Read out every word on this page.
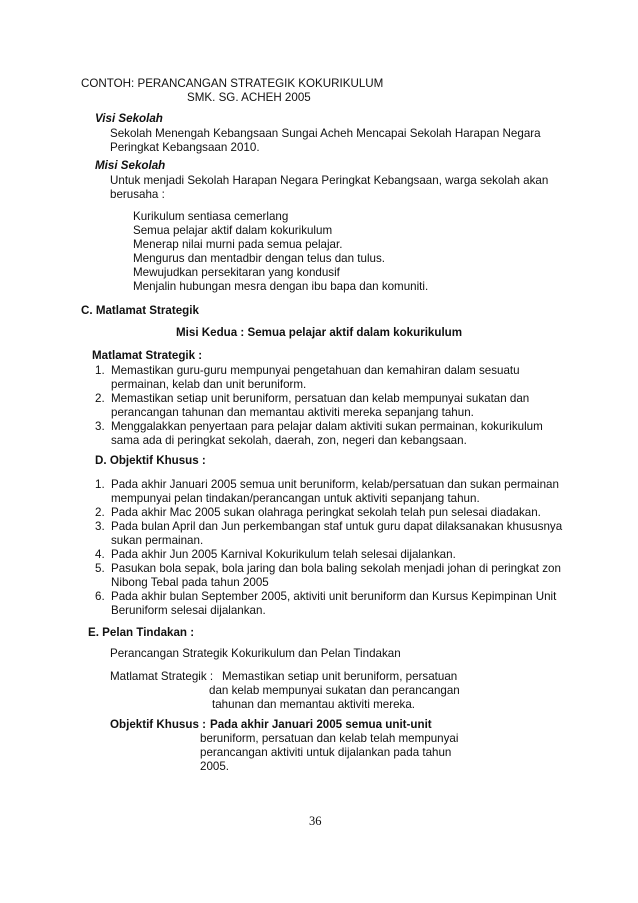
CONTOH: PERANCANGAN STRATEGIK KOKURIKULUM
SMK. SG. ACHEH 2005
Visi Sekolah
Sekolah Menengah Kebangsaan Sungai Acheh Mencapai Sekolah Harapan Negara
Peringkat Kebangsaan 2010.
Misi Sekolah
Untuk menjadi Sekolah Harapan Negara Peringkat Kebangsaan, warga sekolah akan
berusaha :
Kurikulum sentiasa cemerlang
Semua pelajar aktif dalam kokurikulum
Menerap nilai murni pada semua pelajar.
Mengurus dan mentadbir dengan telus dan tulus.
Mewujudkan persekitaran yang kondusif
Menjalin hubungan mesra dengan ibu bapa dan komuniti.
C. Matlamat Strategik
Misi Kedua : Semua pelajar aktif dalam kokurikulum
Matlamat Strategik :
1. Memastikan guru-guru mempunyai pengetahuan dan kemahiran dalam sesuatu
permainan, kelab dan unit beruniform.
2. Memastikan setiap unit beruniform, persatuan dan kelab mempunyai sukatan dan
perancangan tahunan dan memantau aktiviti mereka sepanjang tahun.
3. Menggalakkan penyertaan para pelajar dalam aktiviti sukan permainan, kokurikulum
sama ada di peringkat sekolah, daerah, zon, negeri dan kebangsaan.
D. Objektif Khusus :
1. Pada akhir Januari 2005 semua unit beruniform, kelab/persatuan dan sukan permainan
mempunyai pelan tindakan/perancangan untuk aktiviti sepanjang tahun.
2. Pada akhir Mac 2005 sukan olahraga peringkat sekolah telah pun selesai diadakan.
3. Pada bulan April dan Jun perkembangan staf untuk guru dapat dilaksanakan khususnya
sukan permainan.
4. Pada akhir Jun 2005 Karnival Kokurikulum telah selesai dijalankan.
5. Pasukan bola sepak, bola jaring dan bola baling sekolah menjadi johan di peringkat zon
Nibong Tebal pada tahun 2005
6. Pada akhir bulan September 2005, aktiviti unit beruniform dan Kursus Kepimpinan Unit
Beruniform selesai dijalankan.
E. Pelan Tindakan :
Perancangan Strategik Kokurikulum dan Pelan Tindakan
Matlamat Strategik : Memastikan setiap unit beruniform, persatuan
dan kelab mempunyai sukatan dan perancangan
tahunan dan memantau aktiviti mereka.
Objektif Khusus : Pada akhir Januari 2005 semua unit-unit
beruniform, persatuan dan kelab telah mempunyai
perancangan aktiviti untuk dijalankan pada tahun
2005.
36
